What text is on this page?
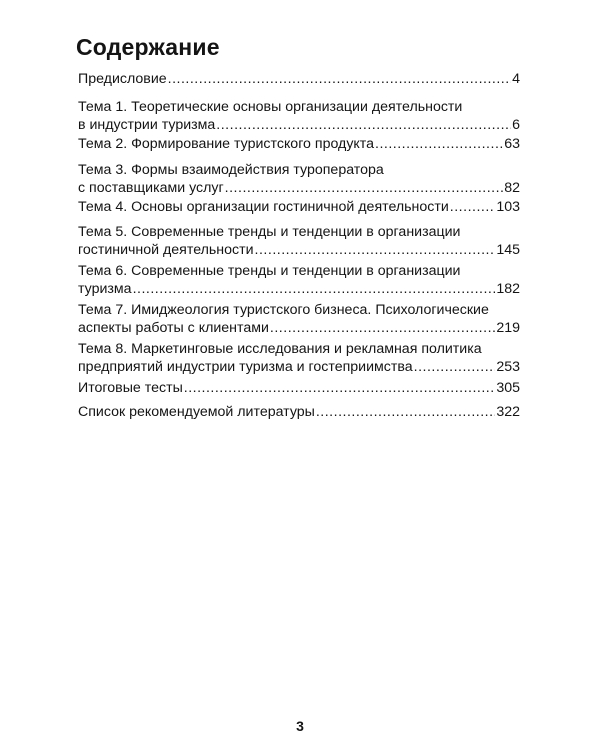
Содержание
Предисловие .....	4
Тема 1. Теоретические основы организации деятельности
в индустрии туризма .....	6
Тема 2. Формирование туристского продукта .....	63
Тема 3. Формы взаимодействия туроператора
с поставщиками услуг .....	82
Тема 4. Основы организации гостиничной деятельности .....	103
Тема 5. Современные тренды и тенденции в организации
гостиничной деятельности .....	145
Тема 6. Современные тренды и тенденции в организации
туризма .....	182
Тема 7. Имиджеология туристского бизнеса. Психологические
аспекты работы с клиентами .....	219
Тема 8. Маркетинговые исследования и рекламная политика
предприятий индустрии туризма и гостеприимства .....	253
Итоговые тесты .....	305
Список рекомендуемой литературы .....	322
3
